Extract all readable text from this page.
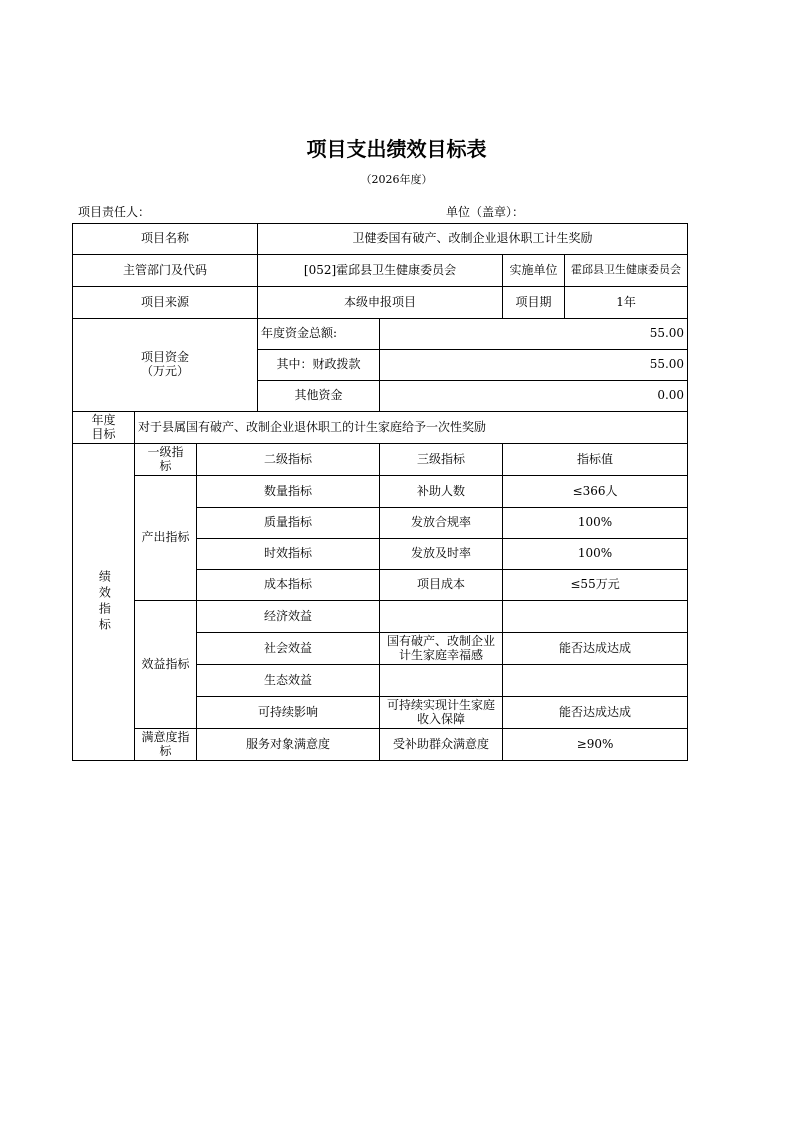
项目支出绩效目标表
（2026年度）
项目责任人：	单位（盖章）：
项目名称			卫健委国有破产、改制企业退休职工计生奖励			
主管部门及代码			[052]霍邱县卫生健康委员会		实施单位	霍邱县卫生健康委员会
项目来源			本级申报项目		项目期	1年

项目资金
（万元）			年度资金总额:	55.00		
			其中：财政拨款	55.00		
			其他资金	0.00		
年度目标	对于县属国有破产、改制企业退休职工的计生家庭给予一次性奖励					

绩效指标	一级指标	二级指标		三级指标	指标值	
	产出指标	数量指标		补助人数	≤366人	
		质量指标		发放合规率	100%	
		时效指标		发放及时率	100%	
		成本指标		项目成本	≤55万元	
	效益指标	经济效益				
		社会效益		国有破产、改制企业计生家庭幸福感	能否达成达成	
		生态效益				
		可持续影响		可持续实现计生家庭收入保障	能否达成达成	
	满意度指标	服务对象满意度		受补助群众满意度	≥90%	
